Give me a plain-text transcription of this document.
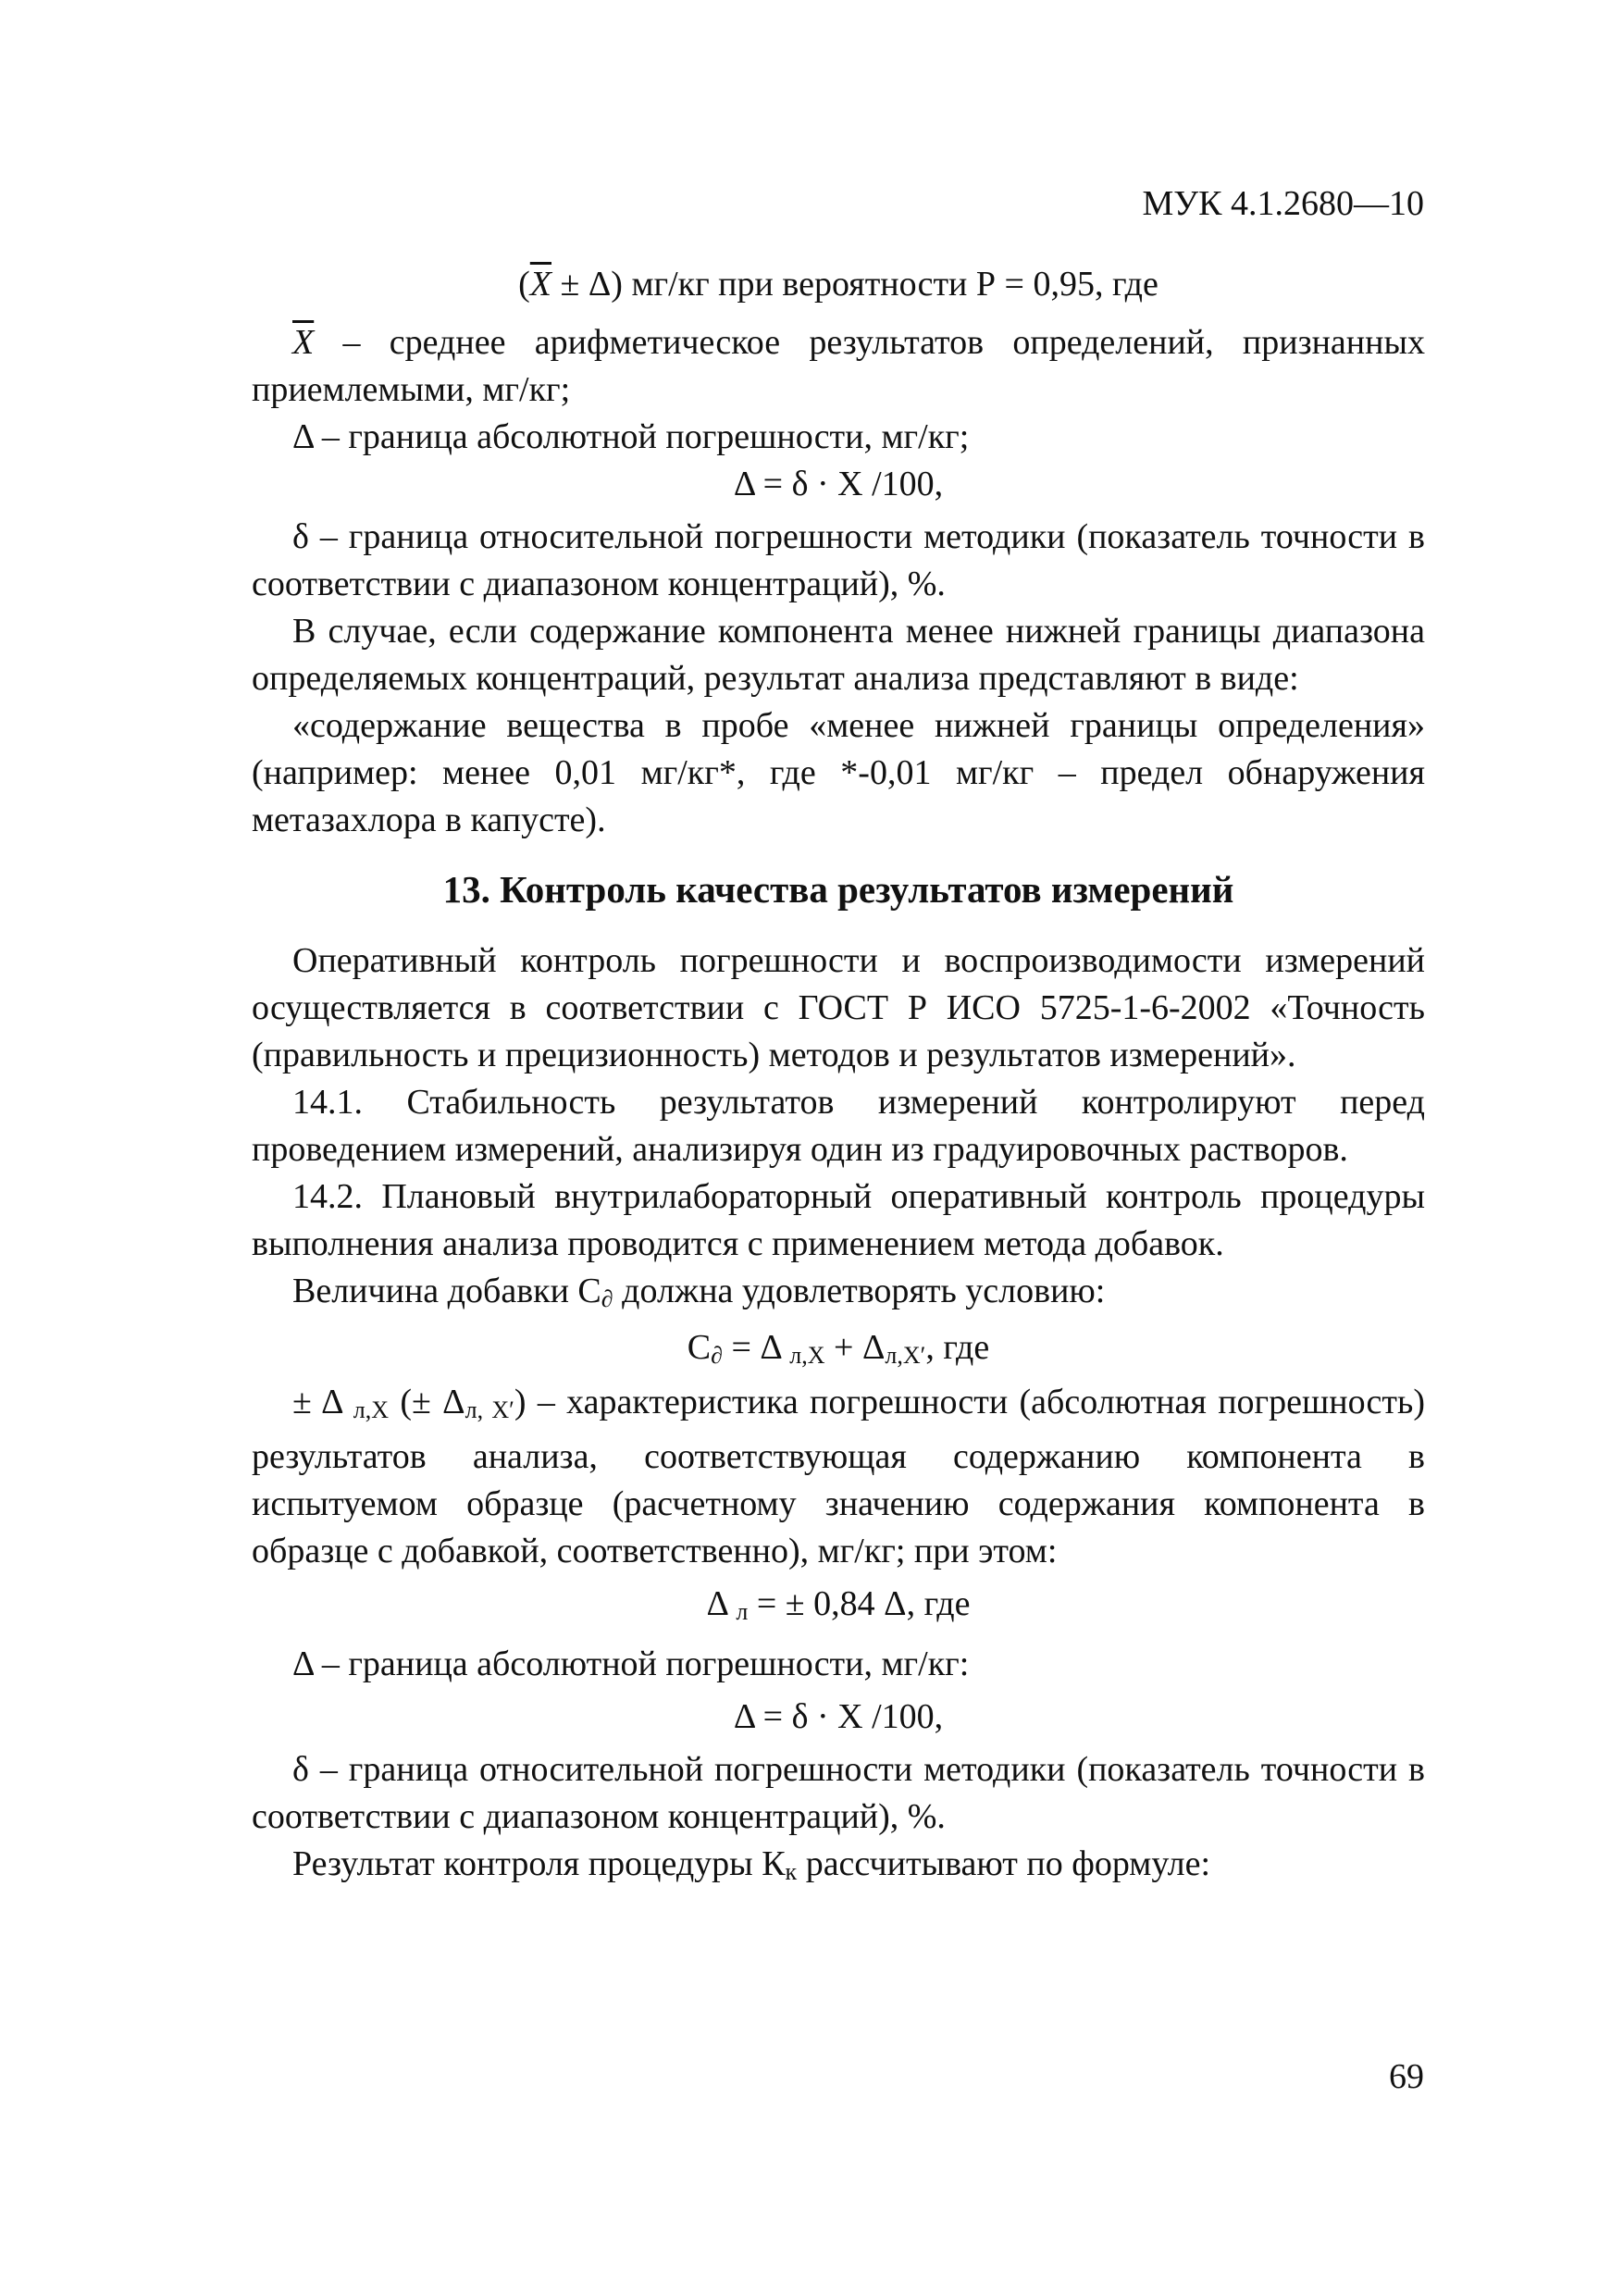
МУК 4.1.2680—10

$(\overline{X} \pm \Delta)$ мг/кг при вероятности Р = 0,95, где

$\overline{X}$ – среднее арифметическое результатов определений, признанных приемлемыми, мг/кг;

Δ – граница абсолютной погрешности, мг/кг;

Δ = δ · X /100,

δ – граница относительной погрешности методики (показатель точности в соответствии с диапазоном концентраций), %.

В случае, если содержание компонента менее нижней границы диапазона определяемых концентраций, результат анализа представляют в виде:

«содержание вещества в пробе «менее нижней границы определения» (например: менее 0,01 мг/кг*, где *-0,01 мг/кг – предел обнаружения метазахлора в капусте).

13. Контроль качества результатов измерений

Оперативный контроль погрешности и воспроизводимости измерений осуществляется в соответствии с ГОСТ Р ИСО 5725-1-6-2002 «Точность (правильность и прецизионность) методов и результатов измерений».

14.1. Стабильность результатов измерений контролируют перед проведением измерений, анализируя один из градуировочных растворов.

14.2. Плановый внутрилабораторный оперативный контроль процедуры выполнения анализа проводится с применением метода добавок.

Величина добавки С∂ должна удовлетворять условию:

С∂ = Δ л,Х + Δл,Х′, где

± Δ л,Х (± Δл, Х′) – характеристика погрешности (абсолютная погрешность) результатов анализа, соответствующая содержанию компонента в испытуемом образце (расчетному значению содержания компонента в образце с добавкой, соответственно), мг/кг; при этом:

Δ л = ± 0,84 Δ, где

Δ – граница абсолютной погрешности, мг/кг:

Δ = δ · X /100,

δ – граница относительной погрешности методики (показатель точности в соответствии с диапазоном концентраций), %.

Результат контроля процедуры Кк рассчитывают по формуле:

69
